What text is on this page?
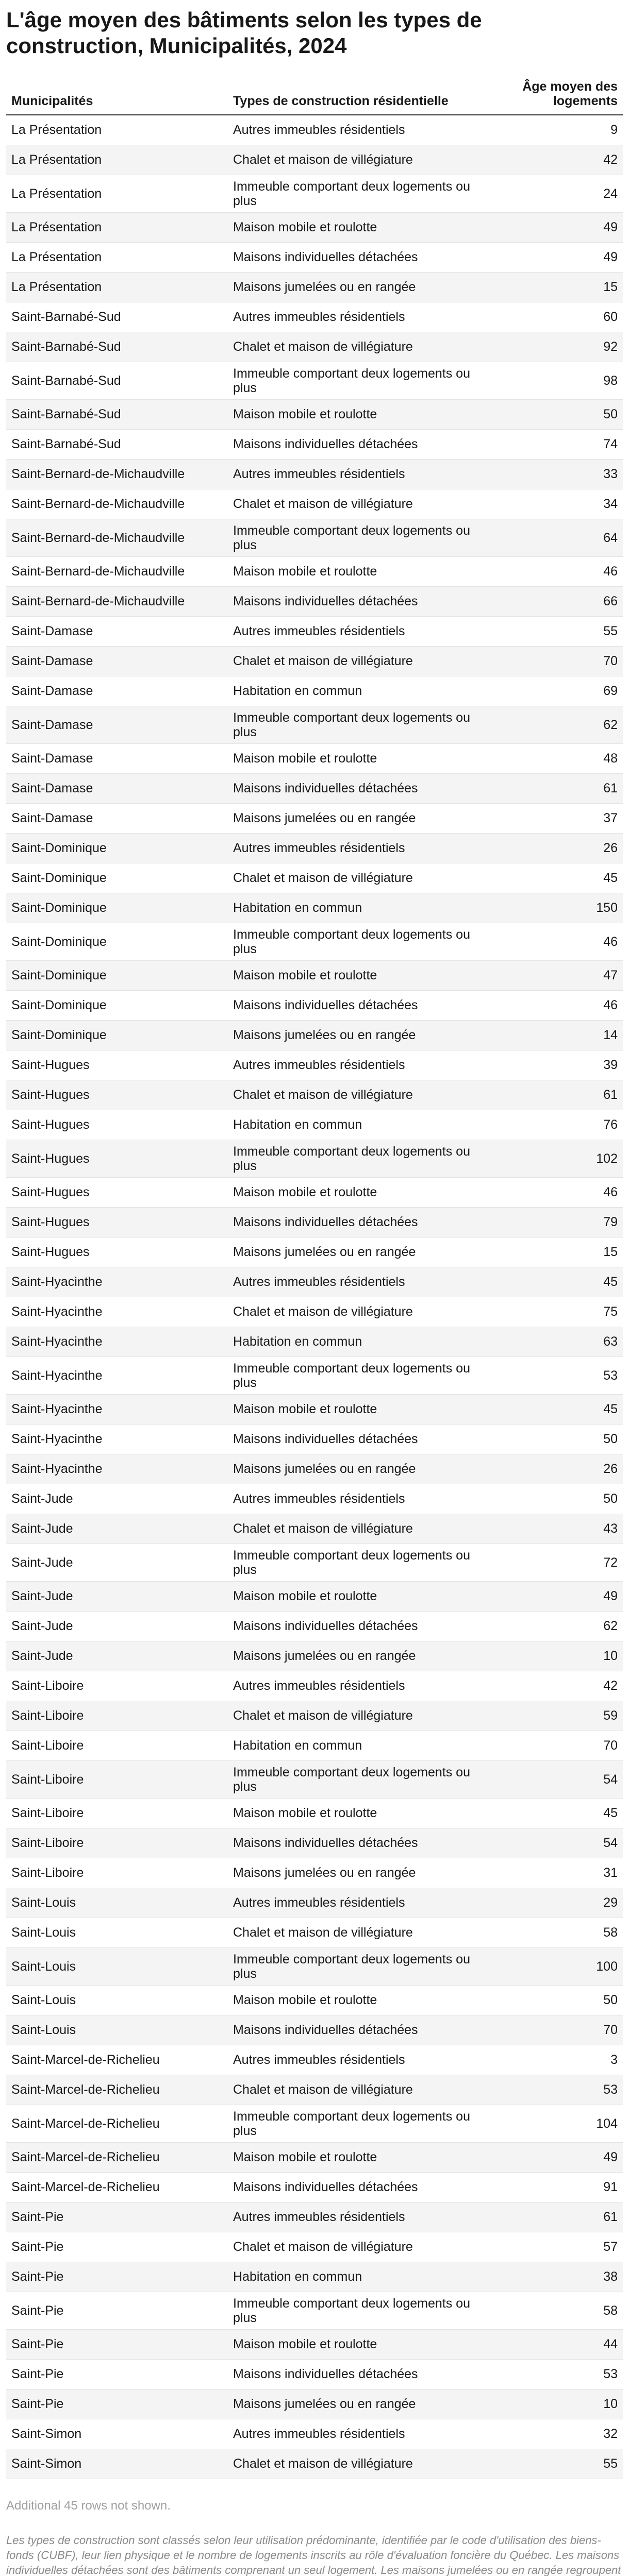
L'âge moyen des bâtiments selon les types de construction, Municipalités, 2024
Municipalités	Types de construction résidentielle	Âge moyen des logements
La Présentation	Autres immeubles résidentiels	9
La Présentation	Chalet et maison de villégiature	42
La Présentation	Immeuble comportant deux logements ou plus	24
La Présentation	Maison mobile et roulotte	49
La Présentation	Maisons individuelles détachées	49
La Présentation	Maisons jumelées ou en rangée	15
Saint-Barnabé-Sud	Autres immeubles résidentiels	60
Saint-Barnabé-Sud	Chalet et maison de villégiature	92
Saint-Barnabé-Sud	Immeuble comportant deux logements ou plus	98
Saint-Barnabé-Sud	Maison mobile et roulotte	50
Saint-Barnabé-Sud	Maisons individuelles détachées	74
Saint-Bernard-de-Michaudville	Autres immeubles résidentiels	33
Saint-Bernard-de-Michaudville	Chalet et maison de villégiature	34
Saint-Bernard-de-Michaudville	Immeuble comportant deux logements ou plus	64
Saint-Bernard-de-Michaudville	Maison mobile et roulotte	46
Saint-Bernard-de-Michaudville	Maisons individuelles détachées	66
Saint-Damase	Autres immeubles résidentiels	55
Saint-Damase	Chalet et maison de villégiature	70
Saint-Damase	Habitation en commun	69
Saint-Damase	Immeuble comportant deux logements ou plus	62
Saint-Damase	Maison mobile et roulotte	48
Saint-Damase	Maisons individuelles détachées	61
Saint-Damase	Maisons jumelées ou en rangée	37
Saint-Dominique	Autres immeubles résidentiels	26
Saint-Dominique	Chalet et maison de villégiature	45
Saint-Dominique	Habitation en commun	150
Saint-Dominique	Immeuble comportant deux logements ou plus	46
Saint-Dominique	Maison mobile et roulotte	47
Saint-Dominique	Maisons individuelles détachées	46
Saint-Dominique	Maisons jumelées ou en rangée	14
Saint-Hugues	Autres immeubles résidentiels	39
Saint-Hugues	Chalet et maison de villégiature	61
Saint-Hugues	Habitation en commun	76
Saint-Hugues	Immeuble comportant deux logements ou plus	102
Saint-Hugues	Maison mobile et roulotte	46
Saint-Hugues	Maisons individuelles détachées	79
Saint-Hugues	Maisons jumelées ou en rangée	15
Saint-Hyacinthe	Autres immeubles résidentiels	45
Saint-Hyacinthe	Chalet et maison de villégiature	75
Saint-Hyacinthe	Habitation en commun	63
Saint-Hyacinthe	Immeuble comportant deux logements ou plus	53
Saint-Hyacinthe	Maison mobile et roulotte	45
Saint-Hyacinthe	Maisons individuelles détachées	50
Saint-Hyacinthe	Maisons jumelées ou en rangée	26
Saint-Jude	Autres immeubles résidentiels	50
Saint-Jude	Chalet et maison de villégiature	43
Saint-Jude	Immeuble comportant deux logements ou plus	72
Saint-Jude	Maison mobile et roulotte	49
Saint-Jude	Maisons individuelles détachées	62
Saint-Jude	Maisons jumelées ou en rangée	10
Saint-Liboire	Autres immeubles résidentiels	42
Saint-Liboire	Chalet et maison de villégiature	59
Saint-Liboire	Habitation en commun	70
Saint-Liboire	Immeuble comportant deux logements ou plus	54
Saint-Liboire	Maison mobile et roulotte	45
Saint-Liboire	Maisons individuelles détachées	54
Saint-Liboire	Maisons jumelées ou en rangée	31
Saint-Louis	Autres immeubles résidentiels	29
Saint-Louis	Chalet et maison de villégiature	58
Saint-Louis	Immeuble comportant deux logements ou plus	100
Saint-Louis	Maison mobile et roulotte	50
Saint-Louis	Maisons individuelles détachées	70
Saint-Marcel-de-Richelieu	Autres immeubles résidentiels	3
Saint-Marcel-de-Richelieu	Chalet et maison de villégiature	53
Saint-Marcel-de-Richelieu	Immeuble comportant deux logements ou plus	104
Saint-Marcel-de-Richelieu	Maison mobile et roulotte	49
Saint-Marcel-de-Richelieu	Maisons individuelles détachées	91
Saint-Pie	Autres immeubles résidentiels	61
Saint-Pie	Chalet et maison de villégiature	57
Saint-Pie	Habitation en commun	38
Saint-Pie	Immeuble comportant deux logements ou plus	58
Saint-Pie	Maison mobile et roulotte	44
Saint-Pie	Maisons individuelles détachées	53
Saint-Pie	Maisons jumelées ou en rangée	10
Saint-Simon	Autres immeubles résidentiels	32
Saint-Simon	Chalet et maison de villégiature	55
Additional 45 rows not shown.
Les types de construction sont classés selon leur utilisation prédominante, identifiée par le code d'utilisation des biens-fonds (CUBF), leur lien physique et le nombre de logements inscrits au rôle d'évaluation foncière du Québec. Les maisons individuelles détachées sont des bâtiments comprenant un seul logement. Les maisons jumelées ou en rangée regroupent
